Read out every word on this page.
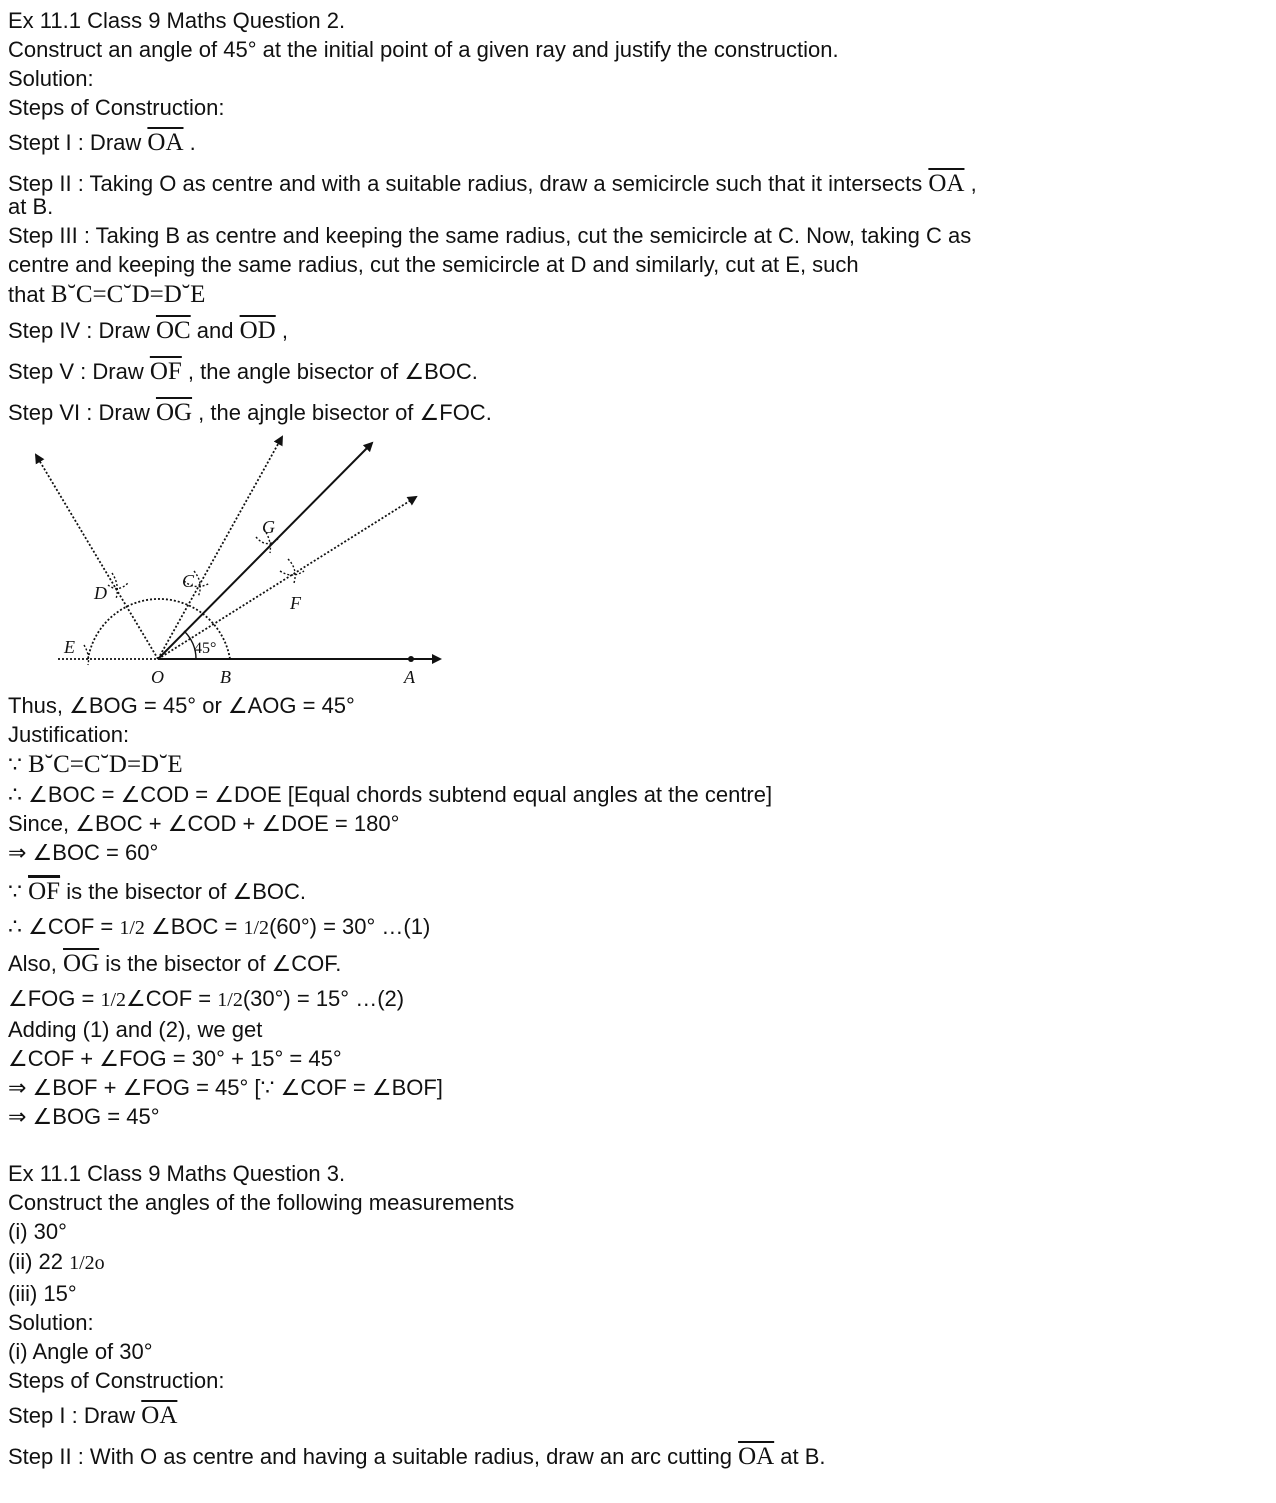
Ex 11.1 Class 9 Maths Question 2.
Construct an angle of 45° at the initial point of a given ray and justify the construction.
Solution:
Steps of Construction:
Stept I : Draw $\overline{OA}$ .
Step II : Taking O as centre and with a suitable radius, draw a semicircle such that it intersects $\overline{OA}$ ,
at B.
Step III : Taking B as centre and keeping the same radius, cut the semicircle at C. Now, taking C as
centre and keeping the same radius, cut the semicircle at D and similarly, cut at E, such
that B˘C=C˘D=D˘E
Step IV : Draw $\overline{OC}$ and $\overline{OD}$ ,
Step V : Draw $\overline{OF}$ , the angle bisector of ∠BOC.
Step VI : Draw $\overline{OG}$ , the ajngle bisector of ∠FOC.
O	B	A
C
D
E
F
G
45°
Thus, ∠BOG = 45° or ∠AOG = 45°
Justification:
∵ B˘C=C˘D=D˘E
∴ ∠BOC = ∠COD = ∠DOE [Equal chords subtend equal angles at the centre]
Since, ∠BOC + ∠COD + ∠DOE = 180°
⇒ ∠BOC = 60°
∵ $\overline{OF}$ is the bisector of ∠BOC.
∴ ∠COF = 1/2 ∠BOC = 1/2(60°) = 30° …(1)
Also, $\overline{OG}$ is the bisector of ∠COF.
∠FOG = 1/2∠COF = 1/2(30°) = 15° …(2)
Adding (1) and (2), we get
∠COF + ∠FOG = 30° + 15° = 45°
⇒ ∠BOF + ∠FOG = 45° [∵ ∠COF = ∠BOF]
⇒ ∠BOG = 45°
Ex 11.1 Class 9 Maths Question 3.
Construct the angles of the following measurements
(i) 30°
(ii) 22 1/2o
(iii) 15°
Solution:
(i) Angle of 30°
Steps of Construction:
Step I : Draw $\overline{OA}$
Step II : With O as centre and having a suitable radius, draw an arc cutting $\overline{OA}$ at B.
